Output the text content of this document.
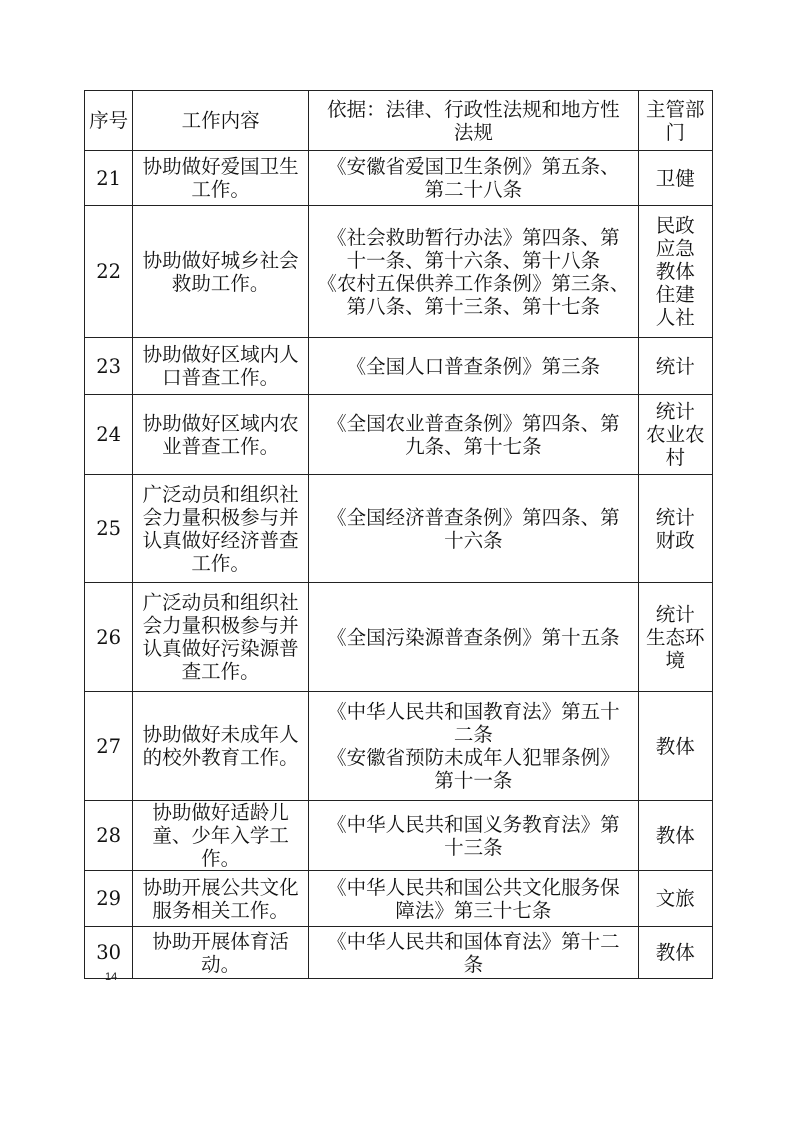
序号	工作内容	依据：法律、行政性法规和地方性
法规	主管部
门
21	协助做好爱国卫生
工作。	《安徽省爱国卫生条例》第五条、
第二十八条	卫健
22	协助做好城乡社会
救助工作。	《社会救助暂行办法》第四条、第
十一条、第十六条、第十八条
《农村五保供养工作条例》第三条、
第八条、第十三条、第十七条	民政
应急
教体
住建
人社
23	协助做好区域内人
口普查工作。	《全国人口普查条例》第三条	统计
24	协助做好区域内农
业普查工作。	《全国农业普查条例》第四条、第
九条、第十七条	统计
农业农
村
25	广泛动员和组织社
会力量积极参与并
认真做好经济普查
工作。	《全国经济普查条例》第四条、第
十六条	统计
财政
26	广泛动员和组织社
会力量积极参与并
认真做好污染源普
查工作。	《全国污染源普查条例》第十五条	统计
生态环
境
27	协助做好未成年人
的校外教育工作。	《中华人民共和国教育法》第五十
二条
《安徽省预防未成年人犯罪条例》
第十一条	教体
28	协助做好适龄儿
童、少年入学工作。	《中华人民共和国义务教育法》第
十三条	教体
29	协助开展公共文化
服务相关工作。	《中华人民共和国公共文化服务保
障法》第三十七条	文旅
30	协助开展体育活
动。	《中华人民共和国体育法》第十二
条	教体
14
